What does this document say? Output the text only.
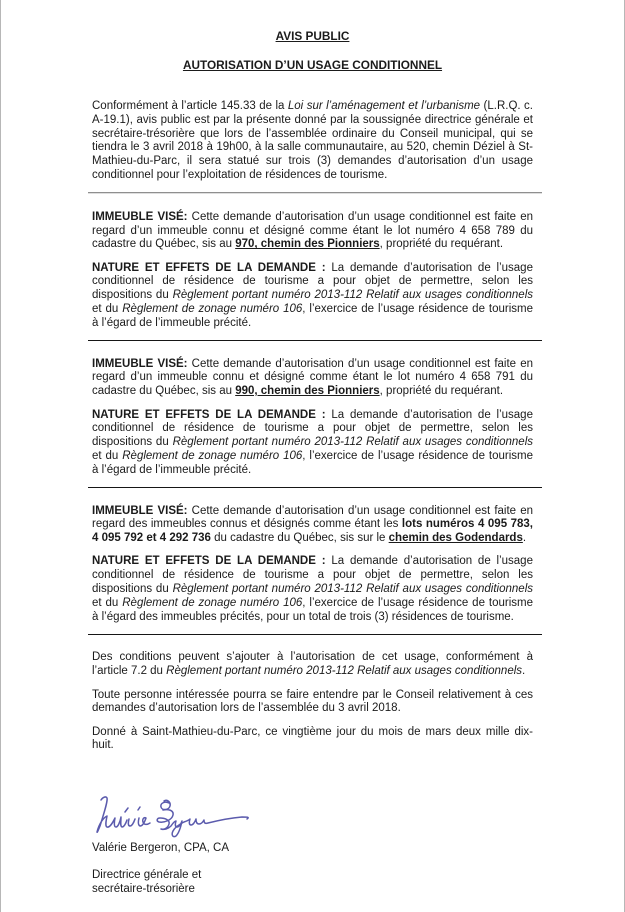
AVIS PUBLIC
AUTORISATION D’UN USAGE CONDITIONNEL

Conformément à l’article 145.33 de la Loi sur l’aménagement et l’urbanisme (L.R.Q. c. A-19.1), avis public est par la présente donné par la soussignée directrice générale et secrétaire-trésorière que lors de l’assemblée ordinaire du Conseil municipal, qui se tiendra le 3 avril 2018 à 19h00, à la salle communautaire, au 520, chemin Déziel à St-Mathieu-du-Parc, il sera statué sur trois (3) demandes d’autorisation d’un usage conditionnel pour l’exploitation de résidences de tourisme.

IMMEUBLE VISÉ: Cette demande d’autorisation d’un usage conditionnel est faite en regard d’un immeuble connu et désigné comme étant le lot numéro 4 658 789 du cadastre du Québec, sis au 970, chemin des Pionniers, propriété du requérant.

NATURE ET EFFETS DE LA DEMANDE : La demande d’autorisation de l’usage conditionnel de résidence de tourisme a pour objet de permettre, selon les dispositions du Règlement portant numéro 2013-112 Relatif aux usages conditionnels et du Règlement de zonage numéro 106, l’exercice de l’usage résidence de tourisme à l’égard de l’immeuble précité.

IMMEUBLE VISÉ: Cette demande d’autorisation d’un usage conditionnel est faite en regard d’un immeuble connu et désigné comme étant le lot numéro 4 658 791 du cadastre du Québec, sis au 990, chemin des Pionniers, propriété du requérant.

NATURE ET EFFETS DE LA DEMANDE : La demande d’autorisation de l’usage conditionnel de résidence de tourisme a pour objet de permettre, selon les dispositions du Règlement portant numéro 2013-112 Relatif aux usages conditionnels et du Règlement de zonage numéro 106, l’exercice de l’usage résidence de tourisme à l’égard de l’immeuble précité.

IMMEUBLE VISÉ: Cette demande d’autorisation d’un usage conditionnel est faite en regard des immeubles connus et désignés comme étant les lots numéros 4 095 783, 4 095 792 et 4 292 736 du cadastre du Québec, sis sur le chemin des Godendards.

NATURE ET EFFETS DE LA DEMANDE : La demande d’autorisation de l’usage conditionnel de résidence de tourisme a pour objet de permettre, selon les dispositions du Règlement portant numéro 2013-112 Relatif aux usages conditionnels et du Règlement de zonage numéro 106, l’exercice de l’usage résidence de tourisme à l’égard des immeubles précités, pour un total de trois (3) résidences de tourisme.

Des conditions peuvent s’ajouter à l’autorisation de cet usage, conformément à l’article 7.2 du Règlement portant numéro 2013-112 Relatif aux usages conditionnels.

Toute personne intéressée pourra se faire entendre par le Conseil relativement à ces demandes d’autorisation lors de l’assemblée du 3 avril 2018.

Donné à Saint-Mathieu-du-Parc, ce vingtième jour du mois de mars deux mille dix-huit.

Valérie Bergeron, CPA, CA

Directrice générale et
secrétaire-trésorière
